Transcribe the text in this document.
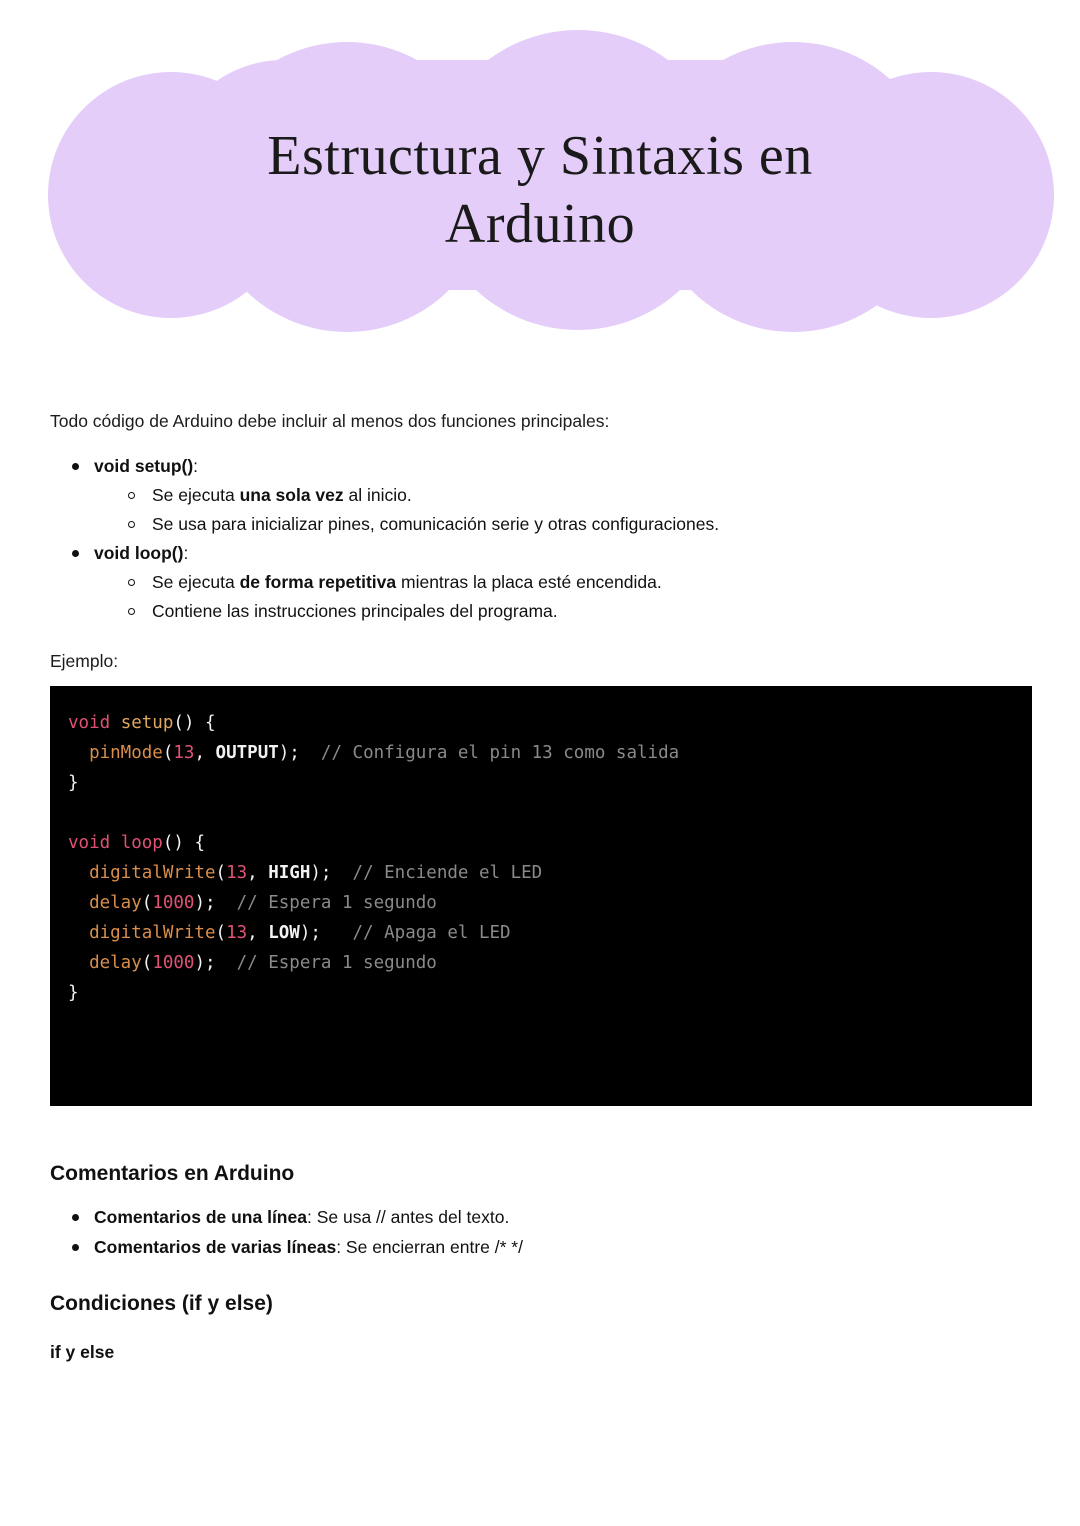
Estructura y Sintaxis en
Arduino

Todo código de Arduino debe incluir al menos dos funciones principales:

void setup():
Se ejecuta una sola vez al inicio.
Se usa para inicializar pines, comunicación serie y otras configuraciones.
void loop():
Se ejecuta de forma repetitiva mientras la placa esté encendida.
Contiene las instrucciones principales del programa.

Ejemplo:

void setup() {
pinMode(13, OUTPUT); // Configura el pin 13 como salida
}

void loop() {
digitalWrite(13, HIGH); // Enciende el LED
delay(1000); // Espera 1 segundo
digitalWrite(13, LOW); // Apaga el LED
delay(1000); // Espera 1 segundo
}
Comentarios en Arduino
Comentarios de una línea: Se usa // antes del texto.
Comentarios de varias líneas: Se encierran entre /* */
Condiciones (if y else)

if y else
